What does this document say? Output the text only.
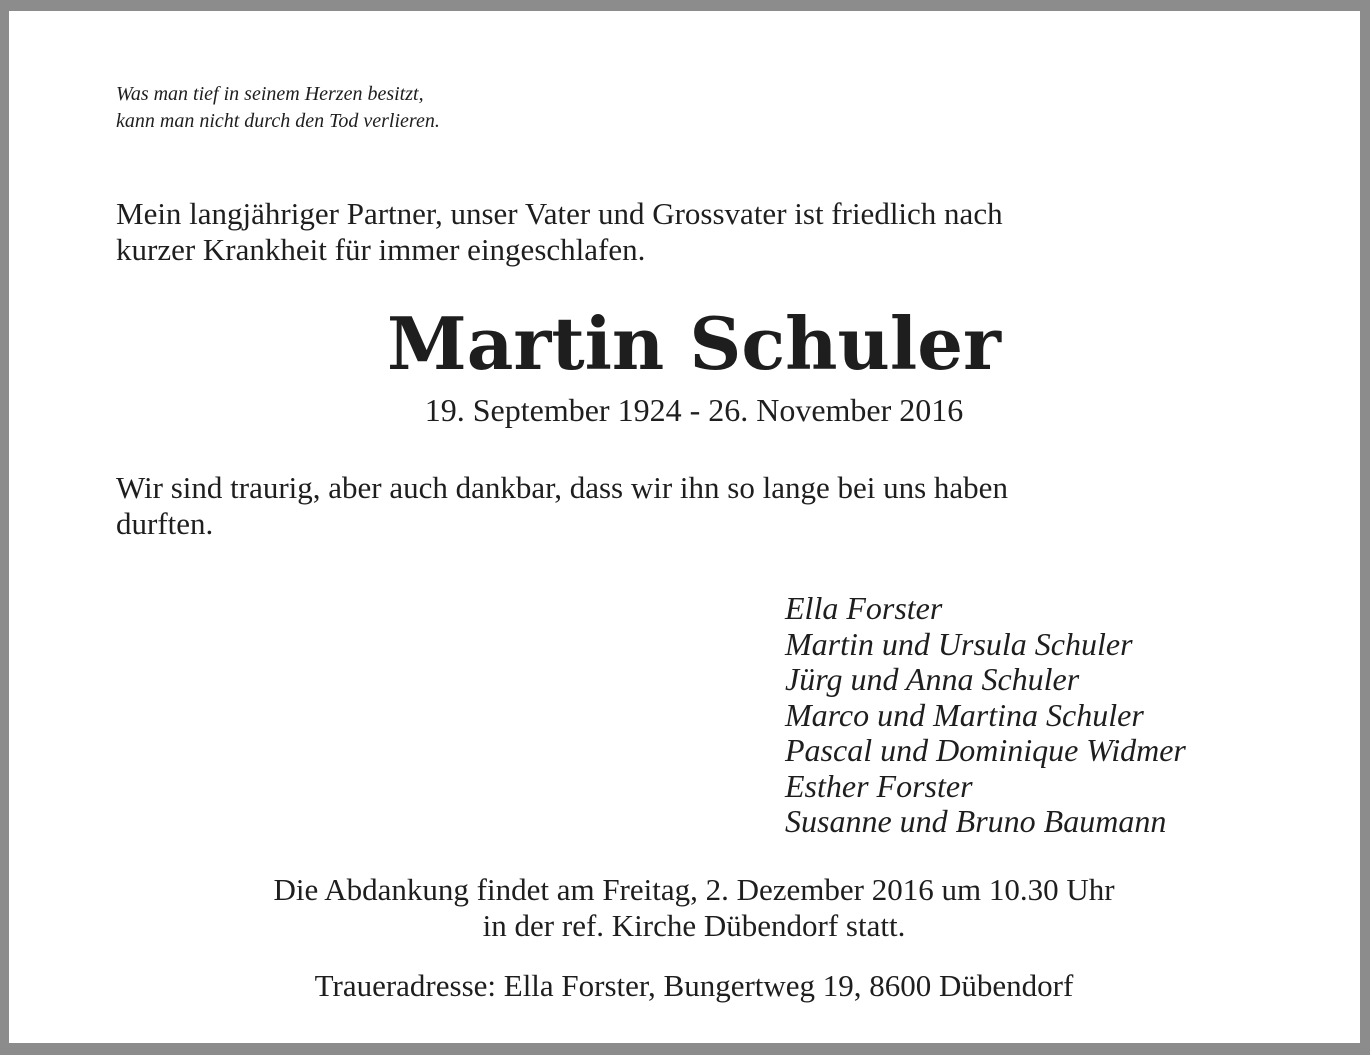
Was man tief in seinem Herzen besitzt,
kann man nicht durch den Tod verlieren.

Mein langjähriger Partner, unser Vater und Grossvater ist friedlich nach
kurzer Krankheit für immer eingeschlafen.

Martin Schuler

19. September 1924 - 26. November 2016

Wir sind traurig, aber auch dankbar, dass wir ihn so lange bei uns haben
durften.

Ella Forster
Martin und Ursula Schuler
Jürg und Anna Schuler
Marco und Martina Schuler
Pascal und Dominique Widmer
Esther Forster
Susanne und Bruno Baumann

Die Abdankung findet am Freitag, 2. Dezember 2016 um 10.30 Uhr
in der ref. Kirche Dübendorf statt.

Traueradresse: Ella Forster, Bungertweg 19, 8600 Dübendorf
